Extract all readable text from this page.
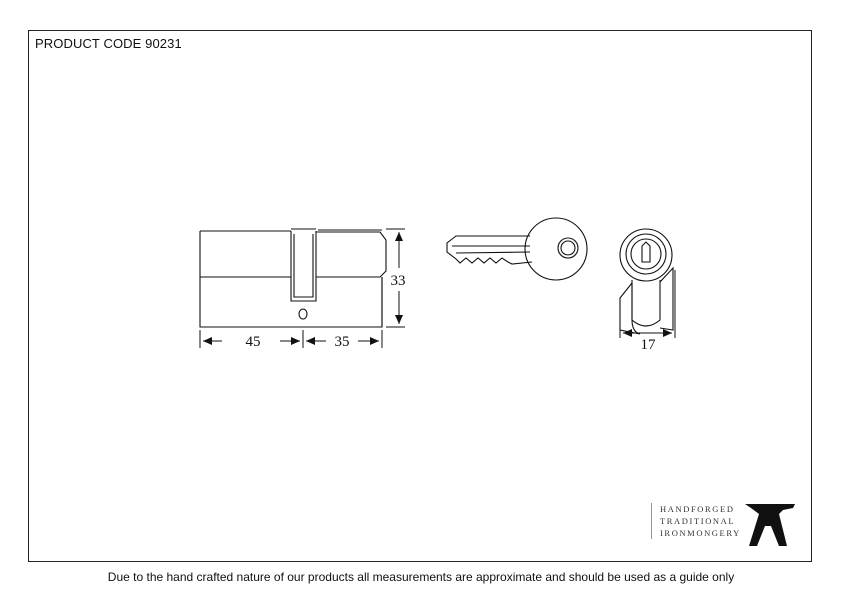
PRODUCT CODE 90231
HANDFORGED
TRADITIONAL
IRONMONGERY
45	35
33
17
Due to the hand crafted nature of our products all measurements are approximate and should be used as a guide only
